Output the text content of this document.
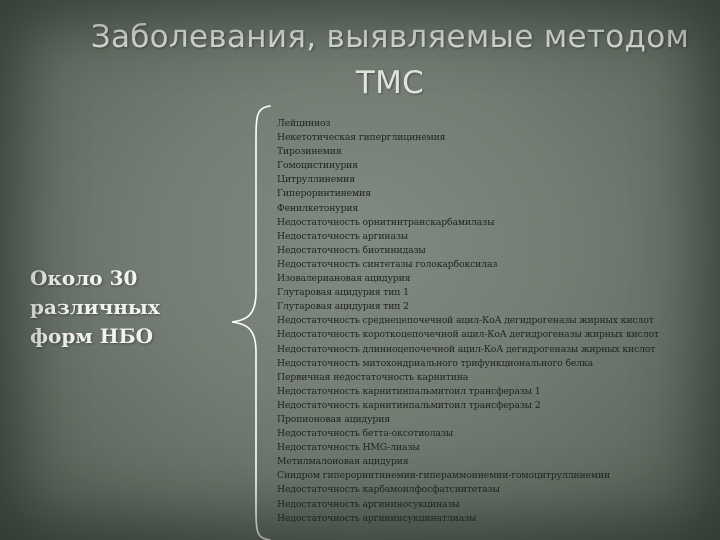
Заболевания, выявляемые методом ТМС
Около 30
различных
форм НБО
Лейцинноз
Некетотическая гиперглицинемия
Тирозинемия
Гомоцистинурия
Цитруллинемия
Гипероринтинемия
Фенилкетонурия
Недостаточность орнитинтранскарбамилазы
Недостаточность аргиназы
Недостаточность биотинидазы
Недостаточность синтетазы голокарбоксилаз
Изовалериановая ацидурия
Глутаровая ацидурия тип 1
Глутаровая ацидурия тип 2
Недостаточность среднецепочечной ацил-КоА дегидрогеназы жирных кислот
Недостаточность короткоцепочечной ацил-КоА дегидрогеназы жирных кислот
Недостаточность длинноцепочечной ацил-КоА дегидрогеназы жирных кислот
Недостаточность митохондриального трифункционального белка
Первичная недостаточность карнитина
Недостаточность карнитинпальмитоил трансферазы 1
Недостаточность карнитинпальмитоил трансферазы 2
Пропионовая ацидурия
Недостаточность бетта-оксотиолазы
Недостаточность HMG-лиазы
Метилмалоновая ацидурия
Синдром гиперорнитинемии-гипераммониемии-гомоцитруллинемии
Недостаточность карбамоилфосфатсинтетазы
Недостаточность аргининосукциназы
Недостаточность аргининсукцинатлиазы
